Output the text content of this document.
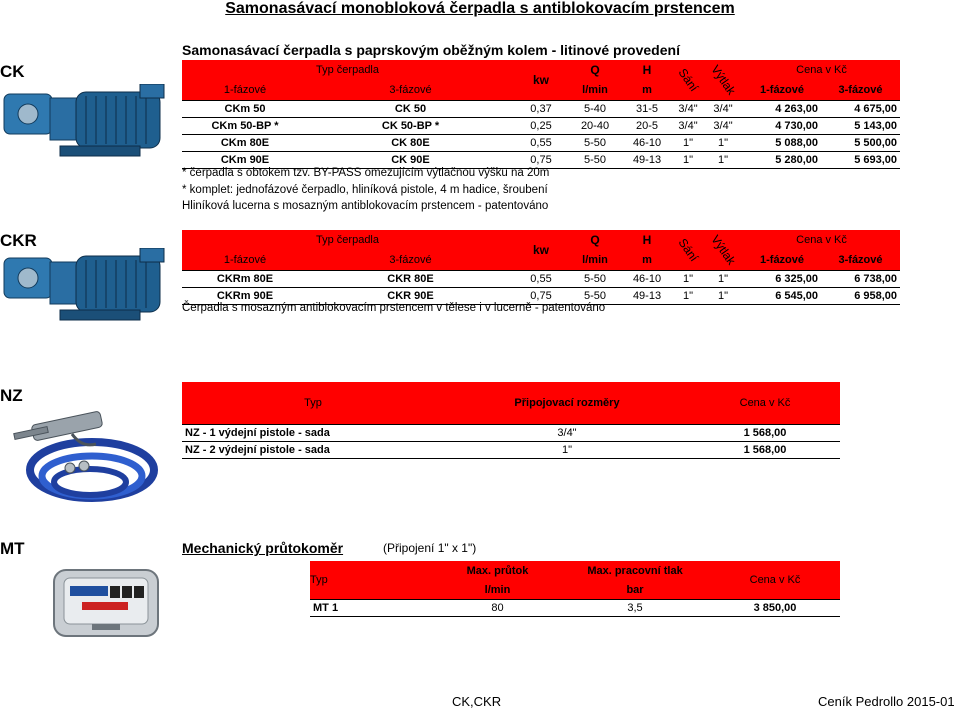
Samonasávací monobloková čerpadla s antiblokovacím prstencem
CK
Samonasávací čerpadla s paprskovým oběžným kolem - litinové provedení
Typ čerpadla		kw	Q	H	Sání	Výtlak	Cena v Kč	
1-fázové	3-fázové		l/min	m			1-fázové	3-fázové
CKm 50	CK 50	0,37	5-40	31-5	3/4"	3/4"	4 263,00	4 675,00
CKm 50-BP *	CK 50-BP *	0,25	20-40	20-5	3/4"	3/4"	4 730,00	5 143,00
CKm 80E	CK 80E	0,55	5-50	46-10	1"	1"	5 088,00	5 500,00
CKm 90E	CK 90E	0,75	5-50	49-13	1"	1"	5 280,00	5 693,00
* čerpadla s obtokem tzv. BY-PASS omezujícím výtlačnou výšku na 20m
* komplet: jednofázové čerpadlo, hliníková pistole, 4 m hadice, šroubení
Hliníková lucerna s mosazným antiblokovacím prstencem - patentováno
CKR	Typ čerpadla		kw	Q	H	Sání	Výtlak	Cena v Kč	
1-fázové	3-fázové		l/min	m			1-fázové	3-fázové
CKRm 80E	CKR 80E	0,55	5-50	46-10	1"	1"	6 325,00	6 738,00
CKRm 90E	CKR 90E	0,75	5-50	49-13	1"	1"	6 545,00	6 958,00
Čerpadla s mosazným antiblokovacím prstencem v tělese i v lucerně - patentováno
NZ	Typ	Připojovací rozměry	Cena v Kč
NZ - 1 výdejní pistole - sada	3/4"	1 568,00
NZ - 2 výdejní pistole - sada	1"	1 568,00
MT	Mechanický průtokoměr	(Připojení 1" x 1")
Typ	Max. průtok	Max. pracovní tlak	Cena v Kč
	l/min	bar	
MT 1	80	3,5	3 850,00
CK,CKR	Ceník Pedrollo 2015-01
